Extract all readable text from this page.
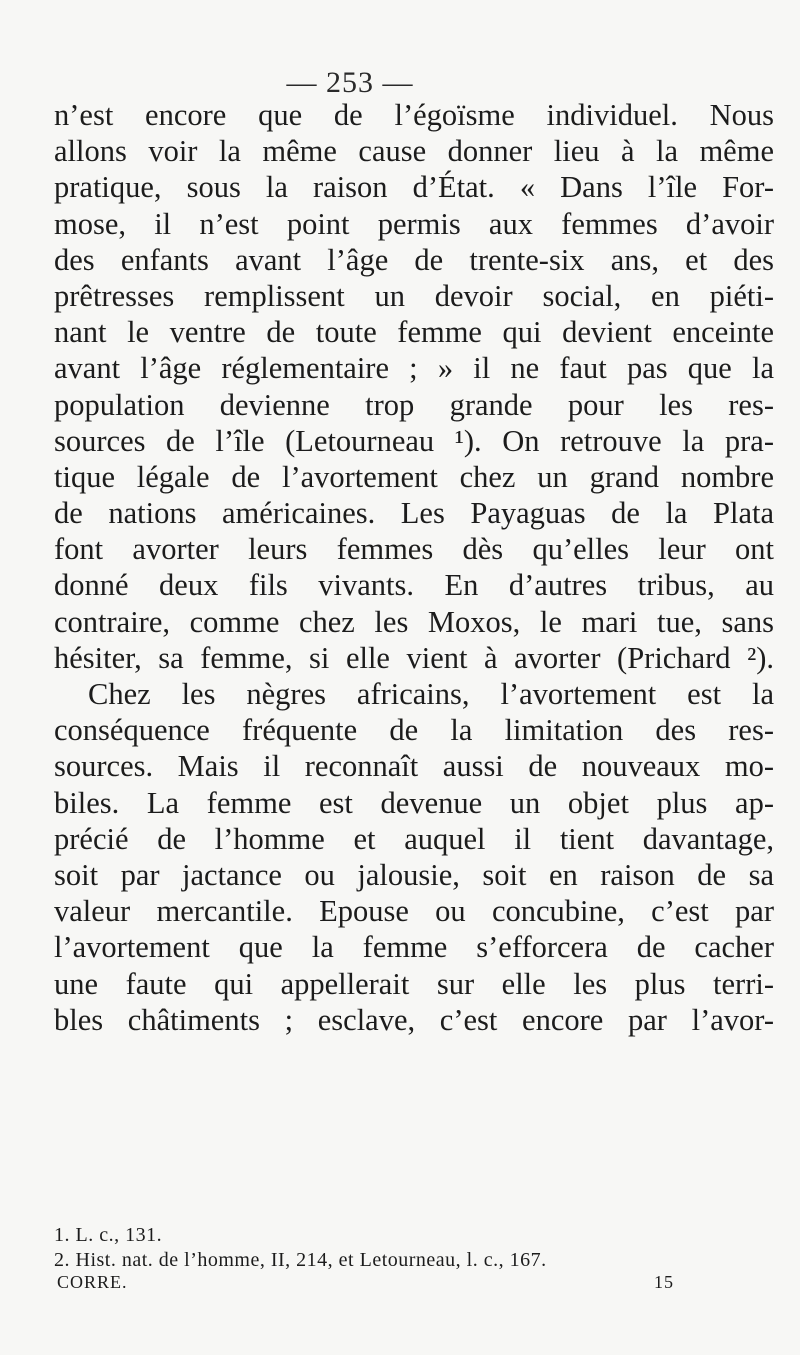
— 253 —
n’est encore que de l’égoïsme individuel. Nous
allons voir la même cause donner lieu à la même
pratique, sous la raison d’État. « Dans l’île For-
mose, il n’est point permis aux femmes d’avoir
des enfants avant l’âge de trente-six ans, et des
prêtresses remplissent un devoir social, en piéti-
nant le ventre de toute femme qui devient enceinte
avant l’âge réglementaire ; » il ne faut pas que la
population devienne trop grande pour les res-
sources de l’île (Letourneau ¹). On retrouve la pra-
tique légale de l’avortement chez un grand nombre
de nations américaines. Les Payaguas de la Plata
font avorter leurs femmes dès qu’elles leur ont
donné deux fils vivants. En d’autres tribus, au
contraire, comme chez les Moxos, le mari tue, sans
hésiter, sa femme, si elle vient à avorter (Prichard ²).
Chez les nègres africains, l’avortement est la
conséquence fréquente de la limitation des res-
sources. Mais il reconnaît aussi de nouveaux mo-
biles. La femme est devenue un objet plus ap-
précié de l’homme et auquel il tient davantage,
soit par jactance ou jalousie, soit en raison de sa
valeur mercantile. Epouse ou concubine, c’est par
l’avortement que la femme s’efforcera de cacher
une faute qui appellerait sur elle les plus terri-
bles châtiments ; esclave, c’est encore par l’avor-
1. L. c., 131.
2. Hist. nat. de l’homme, II, 214, et Letourneau, l. c., 167.
CORRE.	15
